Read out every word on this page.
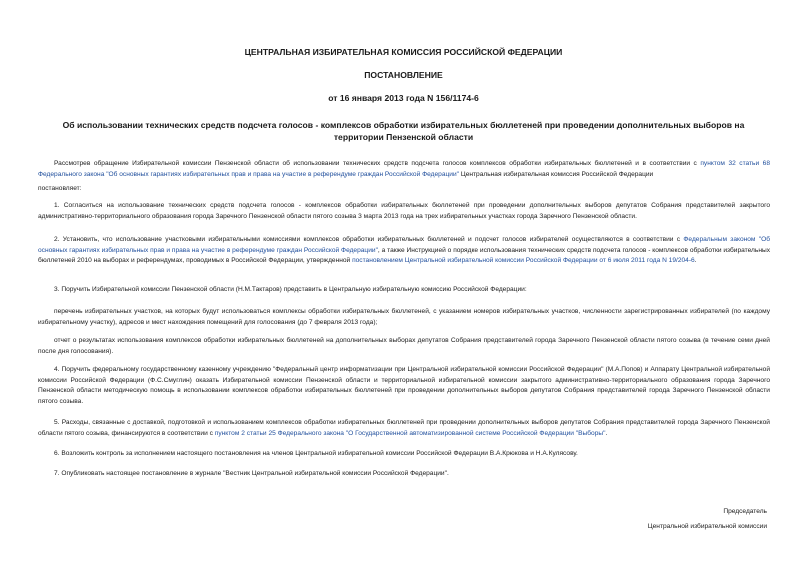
ЦЕНТРАЛЬНАЯ ИЗБИРАТЕЛЬНАЯ КОМИССИЯ РОССИЙСКОЙ ФЕДЕРАЦИИ
ПОСТАНОВЛЕНИЕ
от 16 января 2013 года N 156/1174-6
Об использовании технических средств подсчета голосов - комплексов обработки избирательных бюллетеней при проведении дополнительных выборов на территории Пензенской области
Рассмотрев обращение Избирательной комиссии Пензенской области об использовании технических средств подсчета голосов комплексов обработки избирательных бюллетеней и в соответствии с пунктом 32 статьи 68 Федерального закона "Об основных гарантиях избирательных прав и права на участие в референдуме граждан Российской Федерации" Центральная избирательная комиссия Российской Федерации
постановляет:
1. Согласиться на использование технических средств подсчета голосов - комплексов обработки избирательных бюллетеней при проведении дополнительных выборов депутатов Собрания представителей закрытого административно-территориального образования города Заречного Пензенской области пятого созыва 3 марта 2013 года на трех избирательных участках города Заречного Пензенской области.
2. Установить, что использование участковыми избирательными комиссиями комплексов обработки избирательных бюллетеней и подсчет голосов избирателей осуществляются в соответствии с Федеральным законом "Об основных гарантиях избирательных прав и права на участие в референдуме граждан Российской Федерации", а также Инструкцией о порядке использования технических средств подсчета голосов - комплексов обработки избирательных бюллетеней 2010 на выборах и референдумах, проводимых в Российской Федерации, утвержденной постановлением Центральной избирательной комиссии Российской Федерации от 6 июля 2011 года N 19/204-6.
3. Поручить Избирательной комиссии Пензенской области (Н.М.Тактаров) представить в Центральную избирательную комиссию Российской Федерации:
перечень избирательных участков, на которых будут использоваться комплексы обработки избирательных бюллетеней, с указанием номеров избирательных участков, численности зарегистрированных избирателей (по каждому избирательному участку), адресов и мест нахождения помещений для голосования (до 7 февраля 2013 года);
отчет о результатах использования комплексов обработки избирательных бюллетеней на дополнительных выборах депутатов Собрания представителей города Заречного Пензенской области пятого созыва (в течение семи дней после дня голосования).
4. Поручить федеральному государственному казенному учреждению "Федеральный центр информатизации при Центральной избирательной комиссии Российской Федерации" (М.А.Попов) и Аппарату Центральной избирательной комиссии Российской Федерации (Ф.С.Смуглин) оказать Избирательной комиссии Пензенской области и территориальной избирательной комиссии закрытого административно-территориального образования города Заречного Пензенской области методическую помощь в использовании комплексов обработки избирательных бюллетеней при проведении дополнительных выборов депутатов Собрания представителей города Заречного Пензенской области пятого созыва.
5. Расходы, связанные с доставкой, подготовкой и использованием комплексов обработки избирательных бюллетеней при проведении дополнительных выборов депутатов Собрания представителей города Заречного Пензенской области пятого созыва, финансируются в соответствии с пунктом 2 статьи 25 Федерального закона "О Государственной автоматизированной системе Российской Федерации "Выборы".
6. Возложить контроль за исполнением настоящего постановления на членов Центральной избирательной комиссии Российской Федерации В.А.Крюкова и Н.А.Кулясову.
7. Опубликовать настоящее постановление в журнале "Вестник Центральной избирательной комиссии Российской Федерации".
Председатель
Центральной избирательной комиссии
